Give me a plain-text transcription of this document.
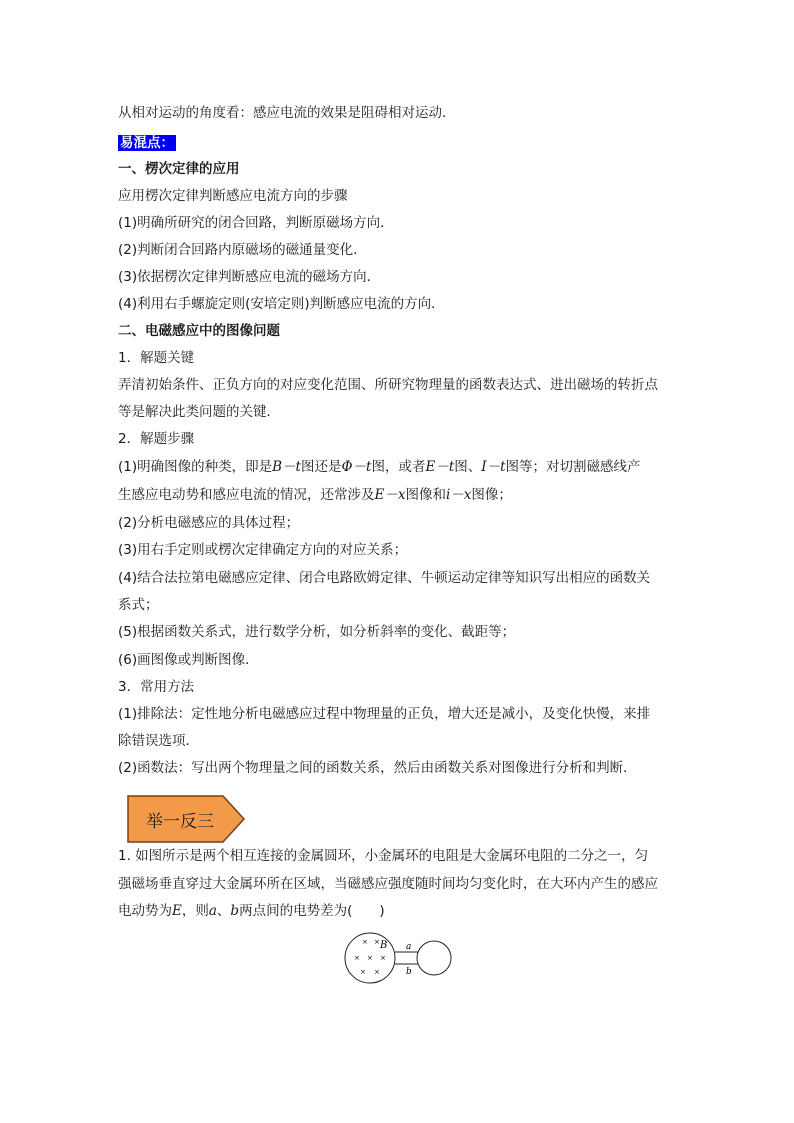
从相对运动的角度看：感应电流的效果是阻碍相对运动．
易混点：
一、楞次定律的应用
应用楞次定律判断感应电流方向的步骤
(1)明确所研究的闭合回路，判断原磁场方向．
(2)判断闭合回路内原磁场的磁通量变化．
(3)依据楞次定律判断感应电流的磁场方向．
(4)利用右手螺旋定则(安培定则)判断感应电流的方向．
二、电磁感应中的图像问题
1．解题关键
弄清初始条件、正负方向的对应变化范围、所研究物理量的函数表达式、进出磁场的转折点
等是解决此类问题的关键．
2．解题步骤
(1)明确图像的种类，即是B－t图还是Φ－t图，或者E－t图、I－t图等；对切割磁感线产
生感应电动势和感应电流的情况，还常涉及E－x图像和i－x图像；
(2)分析电磁感应的具体过程；
(3)用右手定则或楞次定律确定方向的对应关系；
(4)结合法拉第电磁感应定律、闭合电路欧姆定律、牛顿运动定律等知识写出相应的函数关
系式；
(5)根据函数关系式，进行数学分析，如分析斜率的变化、截距等；
(6)画图像或判断图像．
3．常用方法
(1)排除法：定性地分析电磁感应过程中物理量的正负，增大还是减小，及变化快慢，来排
除错误选项．
(2)函数法：写出两个物理量之间的函数关系，然后由函数关系对图像进行分析和判断．
举一反三
1. 如图所示是两个相互连接的金属圆环，小金属环的电阻是大金属环电阻的二分之一，匀
强磁场垂直穿过大金属环所在区域，当磁感应强度随时间均匀变化时，在大环内产生的感应
电动势为E，则a、b两点间的电势差为(　　)
× × B
× × ×
× ×
a
b
